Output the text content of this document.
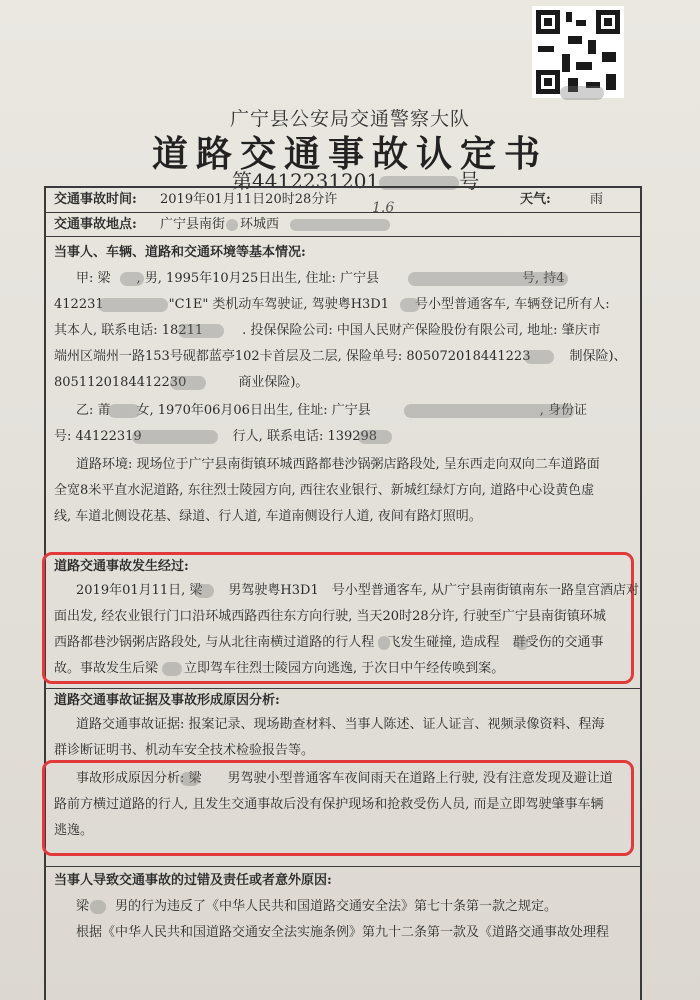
广宁县公安局交通警察大队
道路交通事故认定书
第4412231201	号
交通事故时间: 2019年01月11日20时28分许	天气:	雨
交通事故地点: 广宁县南街 环城西
1.6
当事人、车辆、道路和交通环境等基本情况:
甲: 梁　　, 男, 1995年10月25日出生, 住址: 广宁县　　　　　　　　　　　号, 持4
412231　　　　　"C1E" 类机动车驾驶证, 驾驶粤H3D1　　号小型普通客车, 车辆登记所有人:
其本人, 联系电话: 18211　　　. 投保保险公司: 中国人民财产保险股份有限公司, 地址: 肇庆市
端州区端州一路153号砚都蓝亭102卡首层及二层, 保险单号: 805072018441223　　　制保险)、
8051120184412230　　　　商业保险)。
乙: 莆　　女, 1970年06月06日出生, 住址: 广宁县　　　　　　　　　　　　　, 身份证
号: 44122319　　　　　　　行人, 联系电话: 139298
道路环境: 现场位于广宁县南街镇环城西路都巷沙锅粥店路段处, 呈东西走向双向二车道路面
全宽8米平直水泥道路, 东往烈士陵园方向, 西往农业银行、新城红绿灯方向, 道路中心设黄色虚
线, 车道北侧设花基、绿道、行人道, 车道南侧设行人道, 夜间有路灯照明。
道路交通事故发生经过:
2019年01月11日, 梁　　男驾驶粤H3D1　号小型普通客车, 从广宁县南街镇南东一路皇宫酒店对
面出发, 经农业银行门口沿环城西路西往东方向行驶, 当天20时28分许, 行驶至广宁县南街镇环城
西路都巷沙锅粥店路段处, 与从北往南横过道路的行人程　飞发生碰撞, 造成程　群受伤的交通事
故。事故发生后梁　　立即驾车往烈士陵园方向逃逸, 于次日中午经传唤到案。
道路交通事故证据及事故形成原因分析:
道路交通事故证据: 报案记录、现场勘查材料、当事人陈述、证人证言、视频录像资料、程海
群诊断证明书、机动车安全技术检验报告等。
事故形成原因分析: 梁　　男驾驶小型普通客车夜间雨天在道路上行驶, 没有注意发现及避让道
路前方横过道路的行人, 且发生交通事故后没有保护现场和抢救受伤人员, 而是立即驾驶肇事车辆
逃逸。
当事人导致交通事故的过错及责任或者意外原因:
梁　　男的行为违反了《中华人民共和国道路交通安全法》第七十条第一款之规定。
根据《中华人民共和国道路交通安全法实施条例》第九十二条第一款及《道路交通事故处理程
